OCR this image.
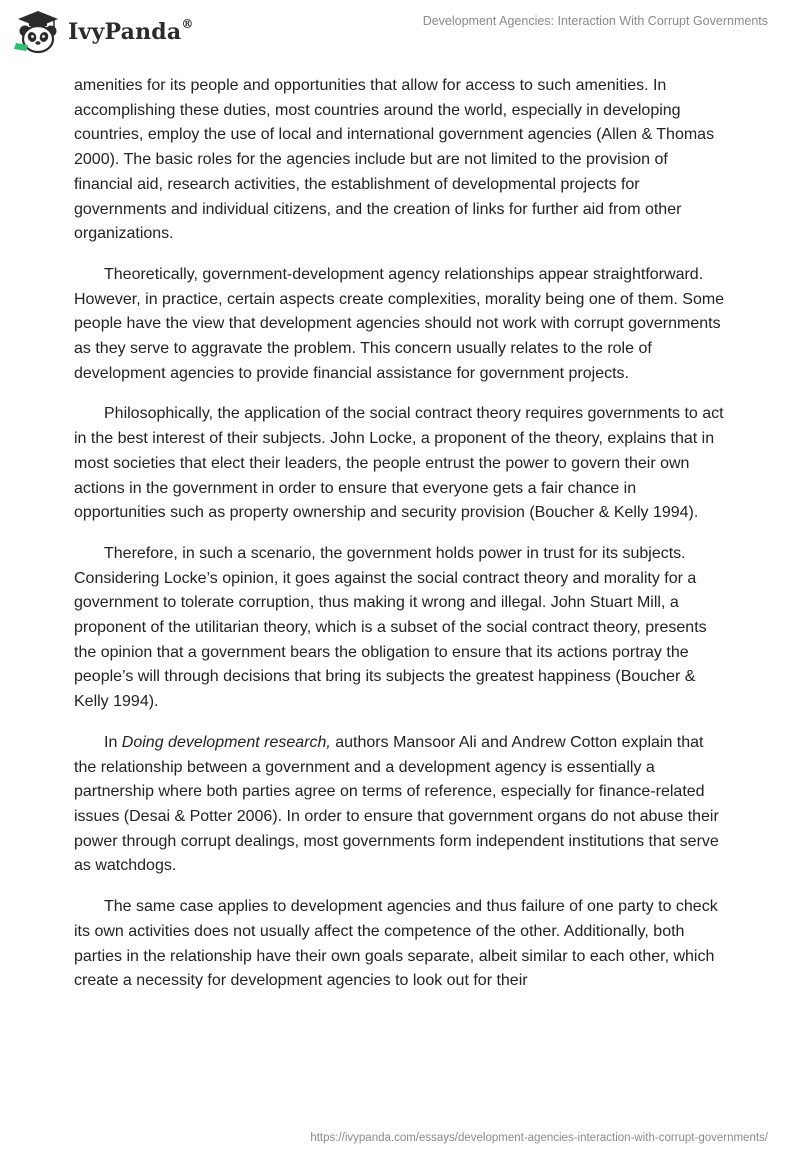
IvyPanda®	Development Agencies: Interaction With Corrupt Governments

amenities for its people and opportunities that allow for access to such amenities. In accomplishing these duties, most countries around the world, especially in developing countries, employ the use of local and international government agencies (Allen & Thomas 2000). The basic roles for the agencies include but are not limited to the provision of financial aid, research activities, the establishment of developmental projects for governments and individual citizens, and the creation of links for further aid from other organizations.

Theoretically, government-development agency relationships appear straightforward. However, in practice, certain aspects create complexities, morality being one of them. Some people have the view that development agencies should not work with corrupt governments as they serve to aggravate the problem. This concern usually relates to the role of development agencies to provide financial assistance for government projects.

Philosophically, the application of the social contract theory requires governments to act in the best interest of their subjects. John Locke, a proponent of the theory, explains that in most societies that elect their leaders, the people entrust the power to govern their own actions in the government in order to ensure that everyone gets a fair chance in opportunities such as property ownership and security provision (Boucher & Kelly 1994).

Therefore, in such a scenario, the government holds power in trust for its subjects. Considering Locke’s opinion, it goes against the social contract theory and morality for a government to tolerate corruption, thus making it wrong and illegal. John Stuart Mill, a proponent of the utilitarian theory, which is a subset of the social contract theory, presents the opinion that a government bears the obligation to ensure that its actions portray the people’s will through decisions that bring its subjects the greatest happiness (Boucher & Kelly 1994).

In Doing development research, authors Mansoor Ali and Andrew Cotton explain that the relationship between a government and a development agency is essentially a partnership where both parties agree on terms of reference, especially for finance-related issues (Desai & Potter 2006). In order to ensure that government organs do not abuse their power through corrupt dealings, most governments form independent institutions that serve as watchdogs.

The same case applies to development agencies and thus failure of one party to check its own activities does not usually affect the competence of the other. Additionally, both parties in the relationship have their own goals separate, albeit similar to each other, which create a necessity for development agencies to look out for their

https://ivypanda.com/essays/development-agencies-interaction-with-corrupt-governments/
